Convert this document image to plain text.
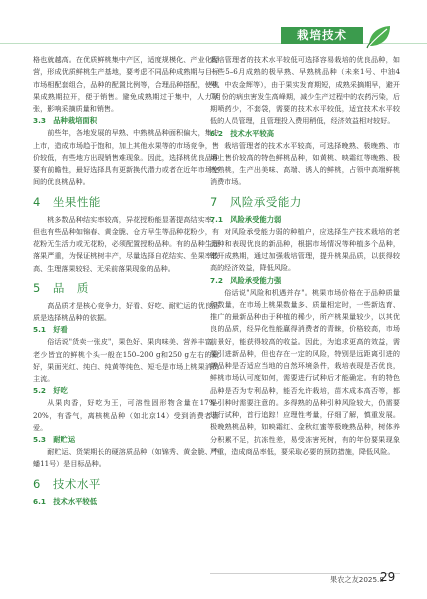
栽培技术

格也就越高。在优质鲜桃集中产区，适度规模化、产业化经营，形成优质鲜桃生产基地，要考虑不同品种成熟期与目标市场相配套组合，品种的配置比例等，合理品种搭配，使桃果成熟期拉开，便于销售。避免成熟期过于集中，人力紧张，影响采摘质量和销售。

3.3　品种栽培面积

前些年，各地发展的早熟、中熟桃品种面积偏大，集中上市，造成市场趋于饱和，加上其他水果等的市场竞争，售价较低，有些地方出现销售难现象。因此，选择桃优良品种要有前瞻性，最好选择具有更新换代潜力或者在近年市场空间的优良桃品种。

4　坐果性能

桃多数品种结实率较高，异花授粉能显著提高结实率，但也有些品种如锦春、黄金脆、仓方早生等品种花粉少，有花粉无生活力或无花粉，必须配置授粉品种。有的品种生理落果严重，为保证桃树丰产，尽量选择自花结实、坐果率较高、生理落果较轻、无采前落果现象的品种。

5　品　质

高品质才是核心竞争力，好看、好吃、耐贮运的优良品质是选择桃品种的依据。

5.1　好看

俗话说"货卖一张皮"，果色好、果肉味美、营养丰富，老少皆宜的鲜桃个头一般在150–200 g和250 g左右的最好，果面光红、纯白、纯黄等纯色、短毛是市场上桃果消费主流。

5.2　好吃

从果肉香，好吃为王，可溶性固形物含量在17%–20%，有香气，离核桃品种（如北京14）受到消费者喜爱。

5.3　耐贮运

耐贮运、货架期长的硬溶质品种（如锦秀、黄金脆、中蟠11号）是目标品种。

6　技术水平
6.1　技术水平较低

栽培管理者的技术水平较低可选择容易栽培的优良品种，如一些5–6月成熟的极早熟、早熟桃品种（未来1号、中油4号、中农金辉等），由于果实发育期短，成熟采摘期早，避开7月份的病虫害发生高峰期，减少生产过程中的农药污染，后期喷药少，不套袋，需要的技术水平较低，适宜技术水平较低的人员管理，且管理投入费用稍低，经济效益相对较好。

6.2　技术水平较高

栽培管理者的技术水平较高，可选择晚熟、极晚熟、市场上售价较高的特色鲜桃品种，如黄桃、映霜红等晚熟、极晚熟桃，生产出美味、高端、诱人的鲜桃，占领中高端鲜桃消费市场。

7　风险承受能力
7.1　风险承受能力弱

对风险承受能力弱的种植户，应选择生产技术栽培的老品种和表现优良的新品种，根据市场情况等种植多个品种，错开成熟期，通过加强栽培管理，提升桃果品质，以获得较高的经济效益，降低风险。

7.2　风险承受能力强

俗话说"风险和机遇并存"。桃果市场价格在于品种质量和数量，在市场上桃果数量多、质量相定时，一些新选育、推广的最新品种由于种植的稀少，所产桃果量较少，以其优良的品质，经异化性能赢得消费者的青睐，价格较高，市场前景好，能获得较高的收益。因此，为追求更高的效益，需要引进新品种，但也存在一定的风险，特别是远距离引进的新品种是否适应当地的自然环境条件，栽培表现是否优良，鲜桃市场认可度如何，需要进行试种后才能确定。有的特色品种是否为专利品种，能否允许栽培，苗木成本高否等，都是引种时需要注意的。多得熟的品种引种风险较大，仍需要进行试种，首行追踪！应理性考量，仔细了解，慎重发展。极晚熟桃品种，如映霜红、金秋红蜜等极晚熟品种，树体养分积累不足，抗冻性差，易受冻害死树，有的年份要果现象严重，造成商品率低，要采取必要的预防措施，降低风险。

果农之友2025.8
29
